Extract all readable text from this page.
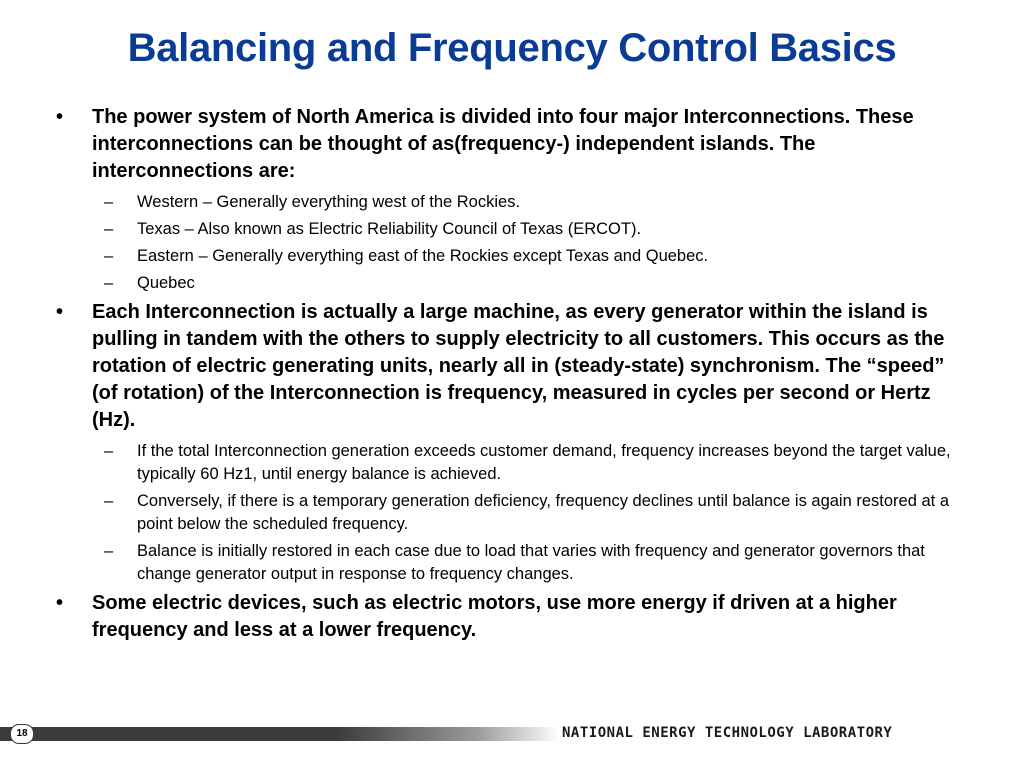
Balancing and Frequency Control Basics
• The power system of North America is divided into four major Interconnections. These interconnections can be thought of as(frequency-) independent islands. The interconnections are:
– Western – Generally everything west of the Rockies.
– Texas – Also known as Electric Reliability Council of Texas (ERCOT).
– Eastern – Generally everything east of the Rockies except Texas and Quebec.
– Quebec
• Each Interconnection is actually a large machine, as every generator within the island is pulling in tandem with the others to supply electricity to all customers. This occurs as the rotation of electric generating units, nearly all in (steady-state) synchronism. The “speed” (of rotation) of the Interconnection is frequency, measured in cycles per second or Hertz (Hz).
– If the total Interconnection generation exceeds customer demand, frequency increases beyond the target value, typically 60 Hz1, until energy balance is achieved.
– Conversely, if there is a temporary generation deficiency, frequency declines until balance is again restored at a point below the scheduled frequency.
– Balance is initially restored in each case due to load that varies with frequency and generator governors that change generator output in response to frequency changes.
• Some electric devices, such as electric motors, use more energy if driven at a higher frequency and less at a lower frequency.
18	NATIONAL ENERGY TECHNOLOGY LABORATORY
